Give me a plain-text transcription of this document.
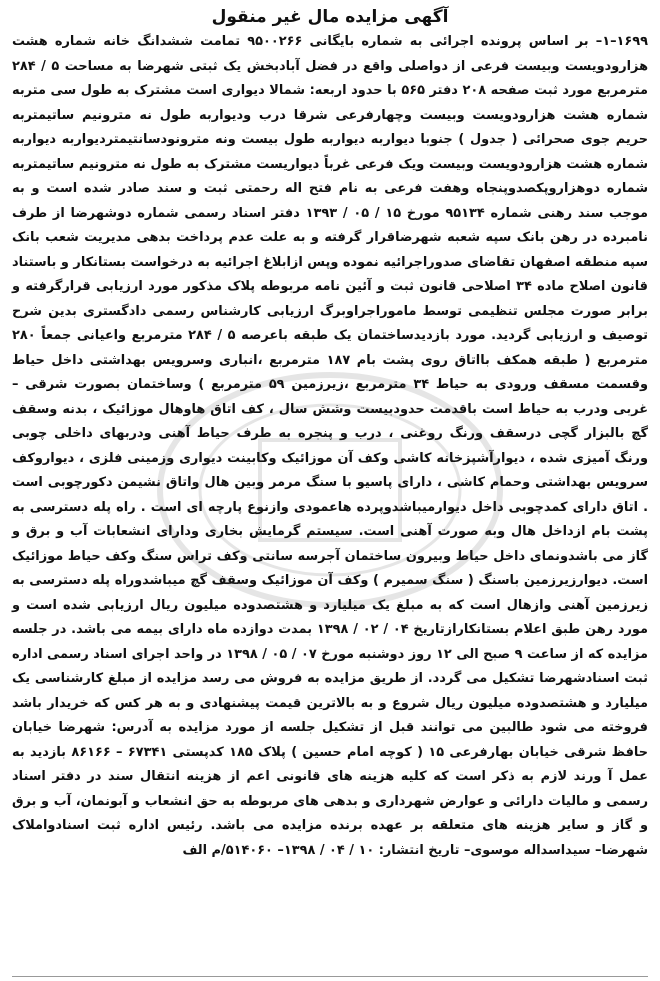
آگهی مزایده مال غیر منقول

۱۶۹۹–۱– بر اساس پرونده اجرائی به شماره بایگانی ۹۵۰۰۲۶۶ تمامت ششدانگ خانه شماره هشت هزارودویست وبیست فرعی از دواصلی واقع در فضل آبادبخش یک ثبتی شهرضا به مساحت ۵ / ۲۸۴ مترمربع مورد ثبت صفحه ۲۰۸ دفتر ۵۶۵ با حدود اربعه: شمالا دیواری است مشترک به طول سی متربه شماره هشت هزارودویست وبیست وچهارفرعی شرقا درب ودیواربه طول نه مترونیم ساتیمتربه حریم جوی صحرائی ( جدول ) جنوبا دیواربه دیواربه طول بیست ونه مترونودسانتیمتردیواربه دیواربه شماره هشت هزارودویست وبیست ویک فرعی غرباً دیواریست مشترک به طول نه مترونیم ساتیمتربه شماره دوهزاروپکصدوپنجاه وهفت فرعی به نام فتح اله رحمتی ثبت و سند صادر شده است و به موجب سند رهنی شماره ۹۵۱۳۴ مورخ ۱۵ / ۰۵ / ۱۳۹۳ دفتر اسناد رسمی شماره دوشهرضا از طرف نامبرده در رهن بانک سپه شعبه شهرضاقرار گرفته و به علت عدم پرداخت بدهی مدیریت شعب بانک سپه منطقه اصفهان تقاضای صدوراجرائیه نموده وپس ازابلاغ اجرائیه به درخواست بستانکار و باستناد قانون اصلاح ماده ۳۴ اصلاحی قانون ثبت و آئین نامه مربوطه پلاک مذکور مورد ارزیابی قرارگرفته و برابر صورت مجلس تنظیمی توسط ماموراجراوبرگ ارزیابی کارشناس رسمی دادگستری بدین شرح توصیف و ارزیابی گردید. مورد بازدیدساختمان یک طبقه باعرصه ۵ / ۲۸۴ مترمربع واعیانی جمعاً ۲۸۰ مترمربع ( طبقه همکف بااتاق روی پشت بام ۱۸۷ مترمربع ،انباری وسرویس بهداشتی داخل حیاط وقسمت مسقف ورودی به حیاط ۳۴ مترمربع ،زیرزمین ۵۹ مترمربع ) وساختمان بصورت شرقی – غربی ودرب به حیاط است باقدمت حدودبیست وشش سال ، کف اتاق هاوهال موزائیک ، بدنه وسقف گچ بالبزار گچی درسقف ورنگ روغنی ، درب و پنجره به طرف حیاط آهنی ودربهای داخلی چوبی ورنگ آمیزی شده ، دیوارآشپزخانه کاشی وکف آن موزائیک وکابینت دیواری وزمینی فلزی ، دیواروکف سرویس بهداشتی وحمام کاشی ، دارای پاسیو با سنگ مرمر وبین هال واتاق نشیمن دکورچوبی است . اتاق دارای کمدچوبی داخل دیوارمیباشدوپرده هاعمودی وازنوع پارچه ای است . راه پله دسترسی به پشت بام ازداخل هال وبه صورت آهنی است. سیستم گرمایش بخاری ودارای انشعابات آب و برق و گاز می باشدونمای داخل حیاط وبیرون ساختمان آجرسه سانتی وکف تراس سنگ وکف حیاط موزائیک است. دیوارزیرزمین باسنگ ( سنگ سمیرم ) وکف آن موزائیک وسقف گچ میباشدوراه پله دسترسی به زیرزمین آهنی وازهال است که به مبلغ یک میلیارد و هشتصدوده میلیون ریال ارزیابی شده است و مورد رهن طبق اعلام بستانکارازتاریخ ۰۴ / ۰۲ / ۱۳۹۸ بمدت دوازده ماه دارای بیمه می باشد. در جلسه مزایده که از ساعت ۹ صبح الی ۱۲ روز دوشنبه مورخ ۰۷ / ۰۵ / ۱۳۹۸ در واحد اجرای اسناد رسمی اداره ثبت اسنادشهرضا تشکیل می گردد. از طریق مزایده به فروش می رسد مزایده از مبلغ کارشناسی یک میلیارد و هشتصدوده میلیون ریال شروع و به بالاترین قیمت پیشنهادی و به هر کس که خریدار باشد فروخته می شود طالبین می توانند قبل از تشکیل جلسه از مورد مزایده به آدرس: شهرضا خیابان حافظ شرقی خیابان بهارفرعی ۱۵ ( کوچه امام حسین ) پلاک ۱۸۵ کدپستی ۶۷۳۴۱ – ۸۶۱۶۶ بازدید به عمل آ ورند لازم به ذکر است که کلیه هزینه های قانونی اعم از هزینه انتقال سند در دفتر اسناد رسمی و مالیات دارائی و عوارض شهرداری و بدهی های مربوطه به حق انشعاب و آبونمان، آب و برق و گاز و سایر هزینه های متعلقه بر عهده برنده مزایده می باشد. رئیس اداره ثبت اسنادواملاک شهرضا– سیداسداله موسوی– تاریخ انتشار: ۱۰ / ۰۴ / ۱۳۹۸– ۵۱۴۰۶۰/م الف
